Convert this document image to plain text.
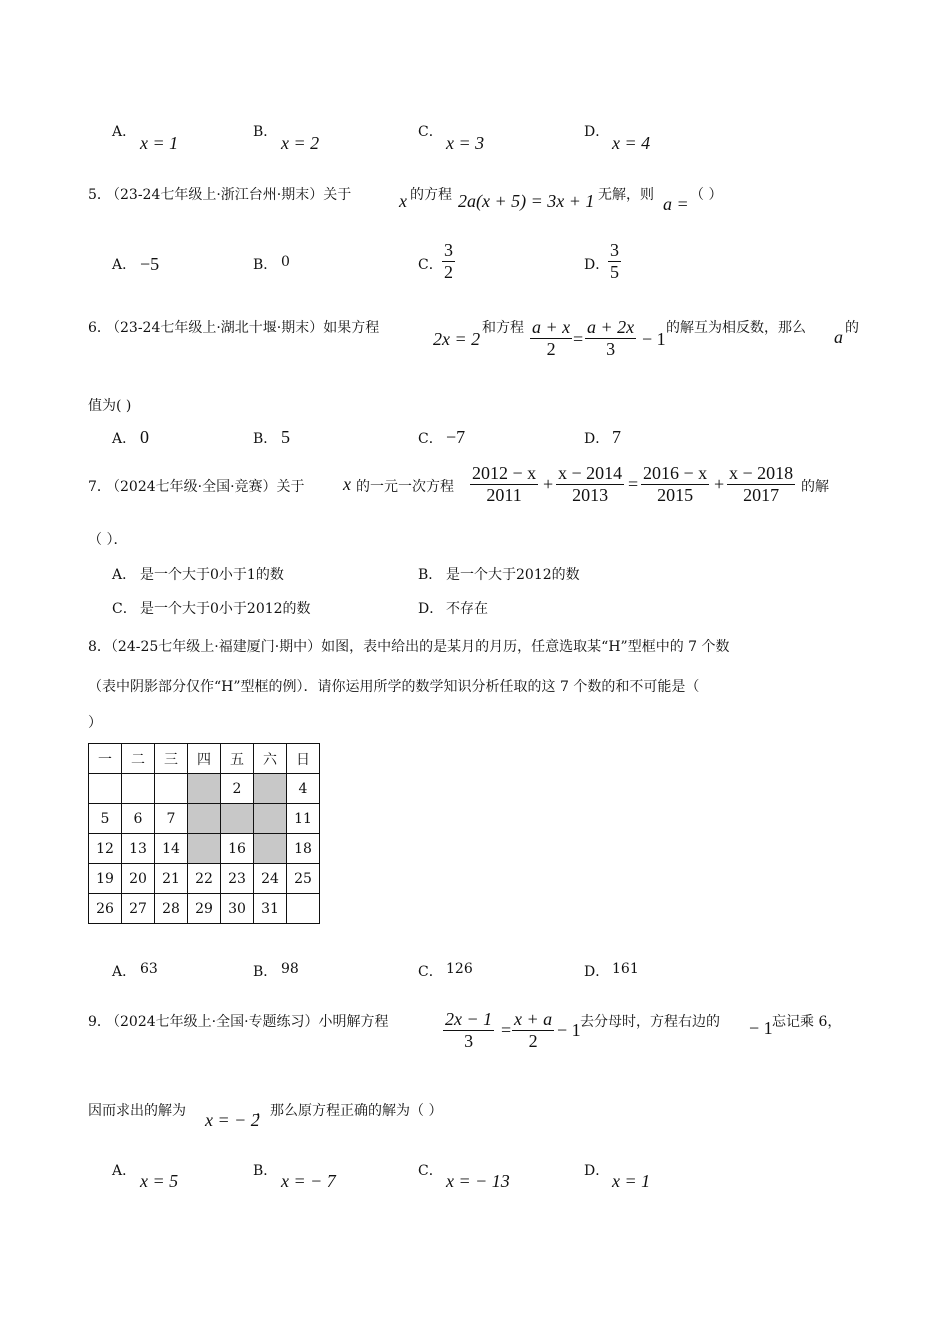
A．
x = 1
B．
x = 2
C．
x = 3
D．
x = 4
5．
（23-24七年级上·浙江台州·期末）关于	x 的方程 2a(x + 5) = 3x + 1 无解，则 a = （ ）
A． −5	B． 0	C． $\frac{3}{2}$	D．
$\frac{3}{5}$
6．
（23-24七年级上·湖北十堰·期末）如果方程
2x = 2
和方程 $\frac{a + x}{2} = \frac{a + 2x}{3} - 1$
的解互为相反数，那么 a 的
值为( )
A． 0	B． 5	C． −7	D． 7
7．
（2024七年级·全国·竞赛）关于 x 的一元一次方程 $\frac{2012 - x}{2011} + \frac{x - 2014}{2013} = \frac{2016 - x}{2015} + \frac{x - 2018}{2017}$ 的解
（ ）．
A． 是一个大于0小于1的数	B． 是一个大于2012的数
C． 是一个大于0小于2012的数	D． 不存在
8．（24-25七年级上·福建厦门·期中）如图，表中给出的是某月的月历，任意选取某“H”型框中的 7 个数
（表中阴影部分仅作“H”型框的例）．请你运用所学的数学知识分析任取的这 7 个数的和不可能是（
）
一	二	三	四	五	六	日
				2		4
5	6	7				11
12	13	14		16		18
19	20	21	22	23	24	25
26	27	28	29	30	31	
A． 63	B． 98	C． 126	D． 161
9．
（2024七年级上·全国·专题练习）小明解方程	$\frac{2x - 1}{3} = \frac{x + a}{2} - 1$ 去分母时，方程右边的 − 1 忘记乘 6，
因而求出的解为 x = − 2
，那么原方程正确的解为（ ）
A． x = 5	B． x = − 7	C． x = − 13	D． x = 1
